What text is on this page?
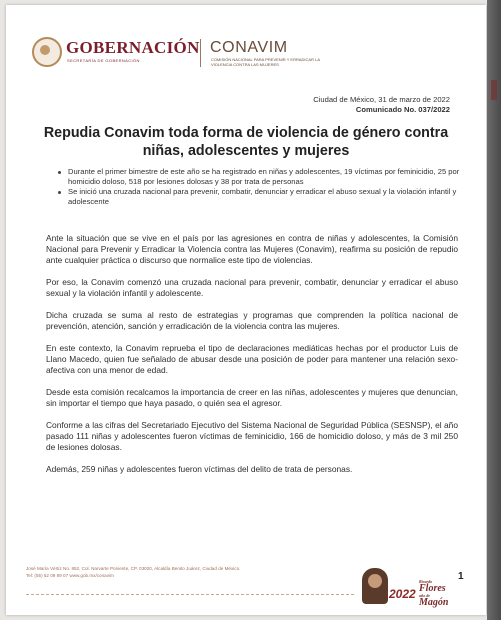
GOBERNACIÓN
SECRETARÍA DE GOBERNACIÓN
CONAVIM
COMISIÓN NACIONAL PARA PREVENIR Y ERRADICAR LA VIOLENCIA CONTRA LAS MUJERES
Ciudad de México, 31 de marzo de 2022
Comunicado No. 037/2022
Repudia Conavim toda forma de violencia de género contra niñas, adolescentes y mujeres
Durante el primer bimestre de este año se ha registrado en niñas y adolescentes, 19 víctimas por feminicidio, 25 por homicidio doloso, 518 por lesiones dolosas y 38 por trata de personas
Se inició una cruzada nacional para prevenir, combatir, denunciar y erradicar el abuso sexual y la violación infantil y adolescente

Ante la situación que se vive en el país por las agresiones en contra de niñas y adolescentes, la Comisión Nacional para Prevenir y Erradicar la Violencia contra las Mujeres (Conavim), reafirma su posición de repudio ante cualquier práctica o discurso que normalice este tipo de violencias.

Por eso, la Conavim comenzó una cruzada nacional para prevenir, combatir, denunciar y erradicar el abuso sexual y la violación infantil y adolescente.

Dicha cruzada se suma al resto de estrategias y programas que comprenden la política nacional de prevención, atención, sanción y erradicación de la violencia contra las mujeres.

En este contexto, la Conavim reprueba el tipo de declaraciones mediáticas hechas por el productor Luis de Llano Macedo, quien fue señalado de abusar desde una posición de poder para mantener una relación sexo-afectiva con una menor de edad.

Desde esta comisión recalcamos la importancia de creer en las niñas, adolescentes y mujeres que denuncian, sin importar el tiempo que haya pasado, o quién sea el agresor.

Conforme a las cifras del Secretariado Ejecutivo del Sistema Nacional de Seguridad Pública (SESNSP), el año pasado 111 niñas y adolescentes fueron víctimas de feminicidio, 166 de homicidio doloso, y más de 3 mil 250 de lesiones dolosas.

Además, 259 niñas y adolescentes fueron víctimas del delito de trata de personas.

José María Vértiz No. 852, Col. Narvarte Poniente, CP. 03020, Alcaldía Benito Juárez, Ciudad de México.
Tel: (55) 52 09 89 07 www.gob.mx/conavim
2022
Ricardo
Flores
año de
Magón
1
